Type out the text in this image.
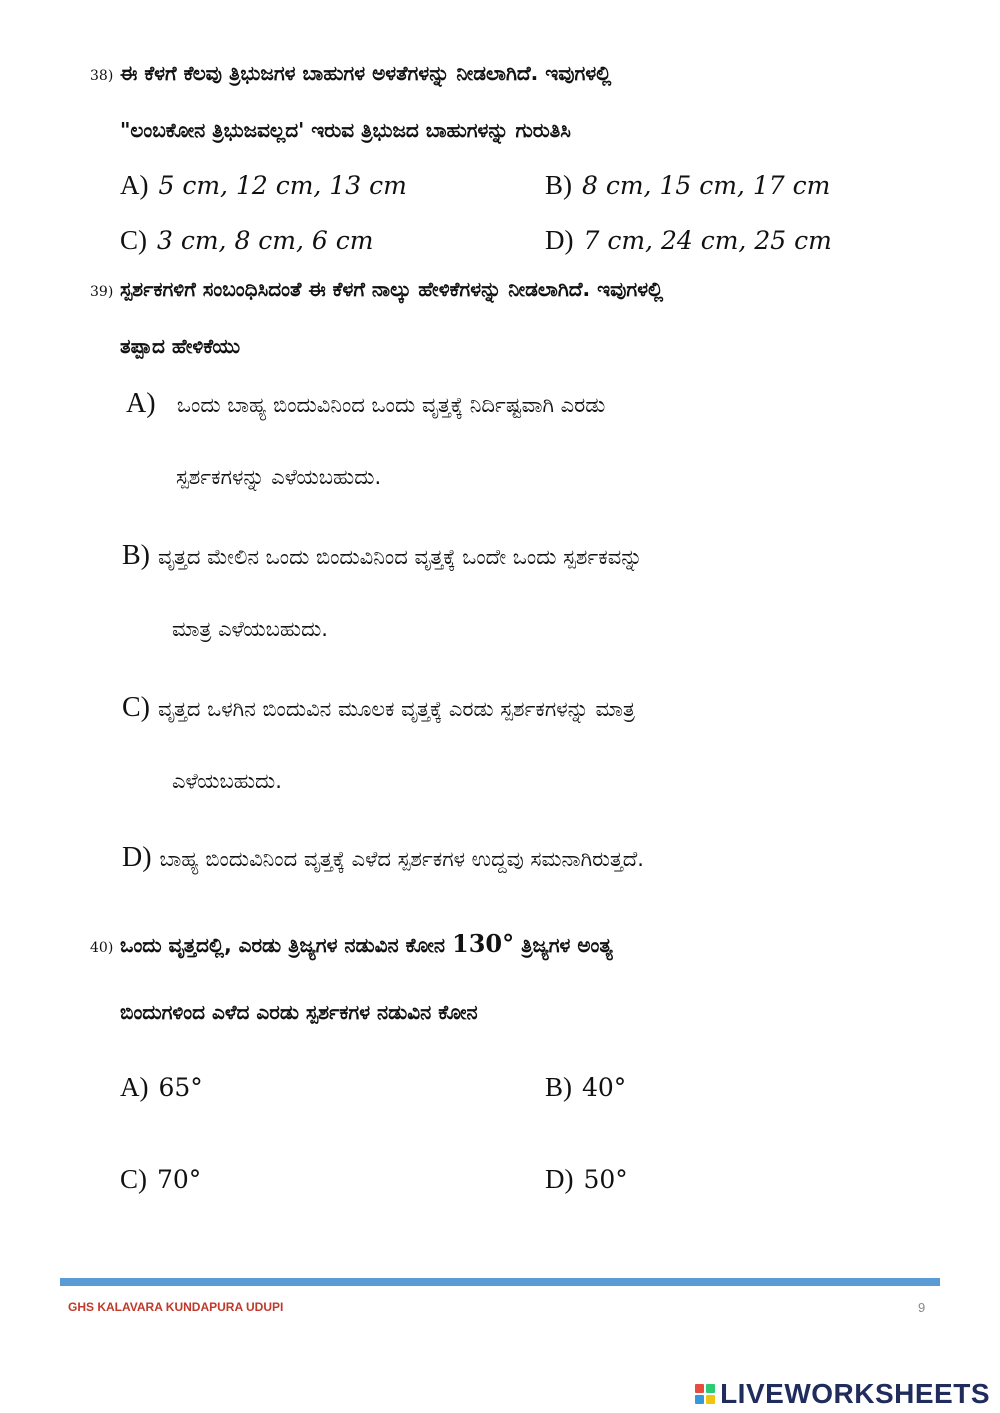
38) ಈ ಕೆಳಗೆ ಕೆಲವು ತ್ರಿಭುಜಗಳ ಬಾಹುಗಳ ಅಳತೆಗಳನ್ನು ನೀಡಲಾಗಿದೆ. ಇವುಗಳಲ್ಲಿ
"ಲಂಬಕೋನ ತ್ರಿಭುಜವಲ್ಲದ' ಇರುವ ತ್ರಿಭುಜದ ಬಾಹುಗಳನ್ನು ಗುರುತಿಸಿ
A) 5 cm, 12 cm, 13 cm	B) 8 cm, 15 cm, 17 cm
C) 3 cm, 8 cm, 6 cm	D) 7 cm, 24 cm, 25 cm
39) ಸ್ಪರ್ಶಕಗಳಿಗೆ ಸಂಬಂಧಿಸಿದಂತೆ ಈ ಕೆಳಗೆ ನಾಲ್ಕು ಹೇಳಿಕೆಗಳನ್ನು ನೀಡಲಾಗಿದೆ. ಇವುಗಳಲ್ಲಿ
ತಪ್ಪಾದ ಹೇಳಿಕೆಯು
A) ಒಂದು ಬಾಹ್ಯ ಬಿಂದುವಿನಿಂದ ಒಂದು ವೃತ್ತಕ್ಕೆ ನಿರ್ದಿಷ್ಟವಾಗಿ ಎರಡು
ಸ್ಪರ್ಶಕಗಳನ್ನು ಎಳೆಯಬಹುದು.
B) ವೃತ್ತದ ಮೇಲಿನ ಒಂದು ಬಿಂದುವಿನಿಂದ ವೃತ್ತಕ್ಕೆ ಒಂದೇ ಒಂದು ಸ್ಪರ್ಶಕವನ್ನು
ಮಾತ್ರ ಎಳೆಯಬಹುದು.
C) ವೃತ್ತದ ಒಳಗಿನ ಬಿಂದುವಿನ ಮೂಲಕ ವೃತ್ತಕ್ಕೆ ಎರಡು ಸ್ಪರ್ಶಕಗಳನ್ನು ಮಾತ್ರ
ಎಳೆಯಬಹುದು.
D) ಬಾಹ್ಯ ಬಿಂದುವಿನಿಂದ ವೃತ್ತಕ್ಕೆ ಎಳೆದ ಸ್ಪರ್ಶಕಗಳ ಉದ್ದವು ಸಮನಾಗಿರುತ್ತದೆ.
40) ಒಂದು ವೃತ್ತದಲ್ಲಿ, ಎರಡು ತ್ರಿಜ್ಯಗಳ ನಡುವಿನ ಕೋನ 130° ತ್ರಿಜ್ಯಗಳ ಅಂತ್ಯ
ಬಿಂದುಗಳಿಂದ ಎಳೆದ ಎರಡು ಸ್ಪರ್ಶಕಗಳ ನಡುವಿನ ಕೋನ
A) 65°	B) 40°
C) 70°	D) 50°
GHS KALAVARA KUNDAPURA UDUPI	9
LIVEWORKSHEETS
